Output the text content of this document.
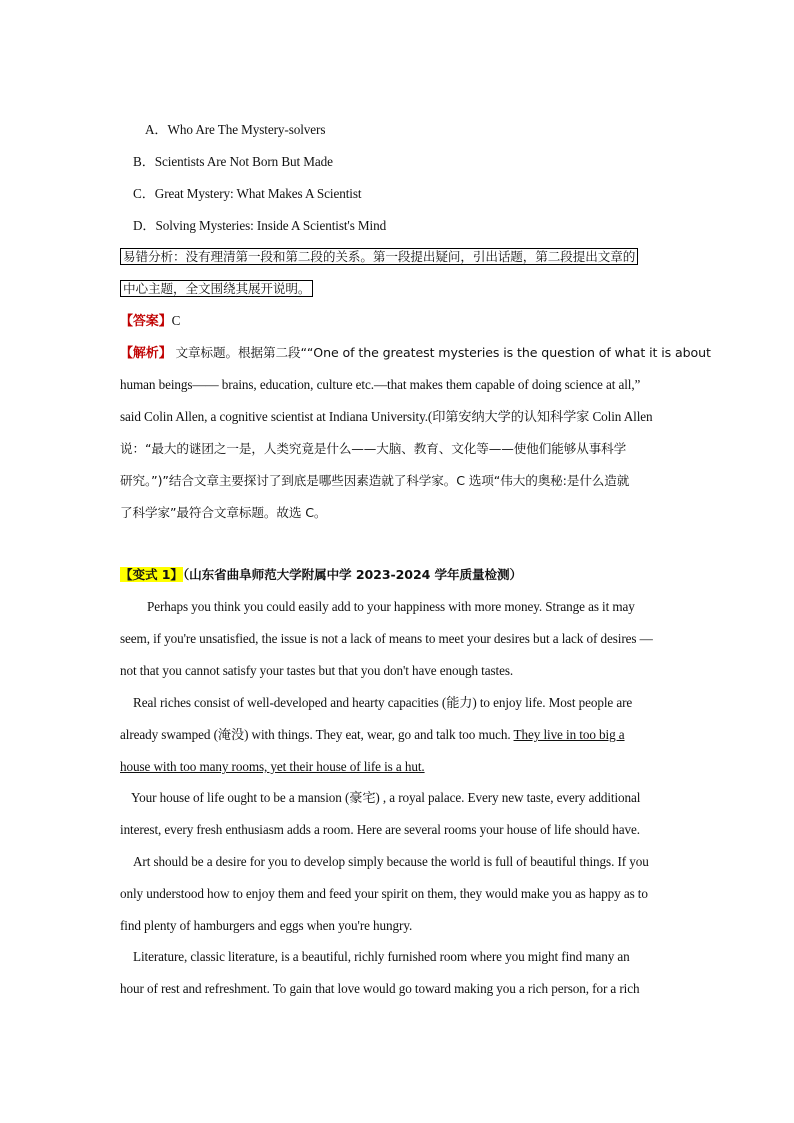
A．Who Are The Mystery-solvers
B．Scientists Are Not Born But Made
C．Great Mystery: What Makes A Scientist
D．Solving Mysteries: Inside A Scientist's Mind
易错分析：没有理清第一段和第二段的关系。第一段提出疑问，引出话题，第二段提出文章的
中心主题，全文围绕其展开说明。
【答案】C
【解析】 文章标题。根据第二段““One of the greatest mysteries is the question of what it is about
human beings—— brains, education, culture etc.—that makes them capable of doing science at all,”
said Colin Allen, a cognitive scientist at Indiana University.(印第安纳大学的认知科学家 Colin Allen
说：“最大的谜团之一是，人类究竟是什么——大脑、教育、文化等——使他们能够从事科学
研究。”)”结合文章主要探讨了到底是哪些因素造就了科学家。C 选项“伟大的奥秘:是什么造就
了科学家”最符合文章标题。故选 C。
【变式 1】（山东省曲阜师范大学附属中学 2023-2024 学年质量检测）
Perhaps you think you could easily add to your happiness with more money. Strange as it may
seem, if you're unsatisfied, the issue is not a lack of means to meet your desires but a lack of desires —
not that you cannot satisfy your tastes but that you don't have enough tastes.
Real riches consist of well-developed and hearty capacities (能力) to enjoy life. Most people are
already swamped (淹没) with things. They eat, wear, go and talk too much. They live in too big a
house with too many rooms, yet their house of life is a hut.
Your house of life ought to be a mansion (豪宅) , a royal palace. Every new taste, every additional
interest, every fresh enthusiasm adds a room. Here are several rooms your house of life should have.
Art should be a desire for you to develop simply because the world is full of beautiful things. If you
only understood how to enjoy them and feed your spirit on them, they would make you as happy as to
find plenty of hamburgers and eggs when you're hungry.
Literature, classic literature, is a beautiful, richly furnished room where you might find many an
hour of rest and refreshment. To gain that love would go toward making you a rich person, for a rich
